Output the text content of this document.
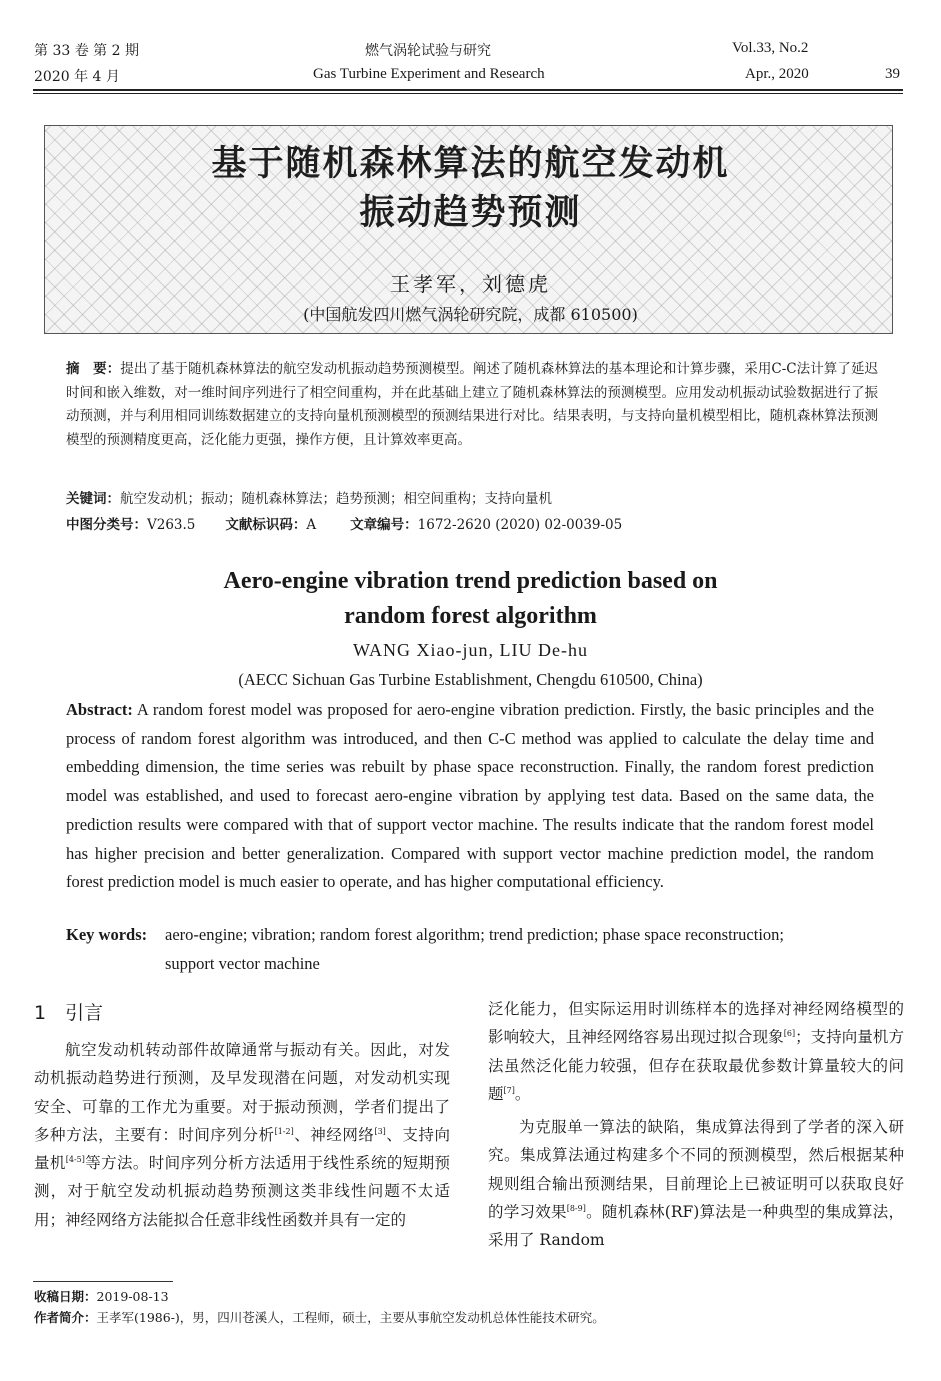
第 33 卷 第 2 期	燃气涡轮试验与研究	Vol.33, No.2
2020 年 4 月	Gas Turbine Experiment and Research	Apr., 2020	39
基于随机森林算法的航空发动机
振动趋势预测
王孝军，刘德虎
(中国航发四川燃气涡轮研究院，成都 610500)
摘　要：提出了基于随机森林算法的航空发动机振动趋势预测模型。阐述了随机森林算法的基本理论和计算步骤，采用C-C法计算了延迟时间和嵌入维数，对一维时间序列进行了相空间重构，并在此基础上建立了随机森林算法的预测模型。应用发动机振动试验数据进行了振动预测，并与利用相同训练数据建立的支持向量机预测模型的预测结果进行对比。结果表明，与支持向量机模型相比，随机森林算法预测模型的预测精度更高，泛化能力更强，操作方便，且计算效率更高。
关键词：航空发动机；振动；随机森林算法；趋势预测；相空间重构；支持向量机
中图分类号：V263.5 文献标识码：A	文章编号：1672-2620 (2020) 02-0039-05
Aero-engine vibration trend prediction based on
random forest algorithm
WANG Xiao-jun, LIU De-hu
(AECC Sichuan Gas Turbine Establishment, Chengdu 610500, China)
Abstract: A random forest model was proposed for aero-engine vibration prediction. Firstly, the basic principles and the process of random forest algorithm was introduced, and then C-C method was applied to calculate the delay time and embedding dimension, the time series was rebuilt by phase space reconstruction. Finally, the random forest prediction model was established, and used to forecast aero-engine vibration by applying test data. Based on the same data, the prediction results were compared with that of support vector machine. The results indicate that the random forest model has higher precision and better generalization. Compared with support vector machine prediction model, the random forest prediction model is much easier to operate, and has higher computational efficiency.
Key words: aero-engine; vibration; random forest algorithm; trend prediction; phase space reconstruction;
support vector machine
1　引言

航空发动机转动部件故障通常与振动有关。因此，对发动机振动趋势进行预测，及早发现潜在问题，对发动机实现安全、可靠的工作尤为重要。对于振动预测，学者们提出了多种方法，主要有：时间序列分析[1-2]、神经网络[3]、支持向量机[4-5]等方法。时间序列分析方法适用于线性系统的短期预测，对于航空发动机振动趋势预测这类非线性问题不太适用；神经网络方法能拟合任意非线性函数并具有一定的

泛化能力，但实际运用时训练样本的选择对神经网络模型的影响较大，且神经网络容易出现过拟合现象[6]；支持向量机方法虽然泛化能力较强，但存在获取最优参数计算量较大的问题[7]。

为克服单一算法的缺陷，集成算法得到了学者的深入研究。集成算法通过构建多个不同的预测模型，然后根据某种规则组合输出预测结果，目前理论上已被证明可以获取良好的学习效果[8-9]。随机森林(RF)算法是一种典型的集成算法，采用了 Random

收稿日期：2019-08-13
作者简介：王孝军(1986-)，男，四川苍溪人，工程师，硕士，主要从事航空发动机总体性能技术研究。
